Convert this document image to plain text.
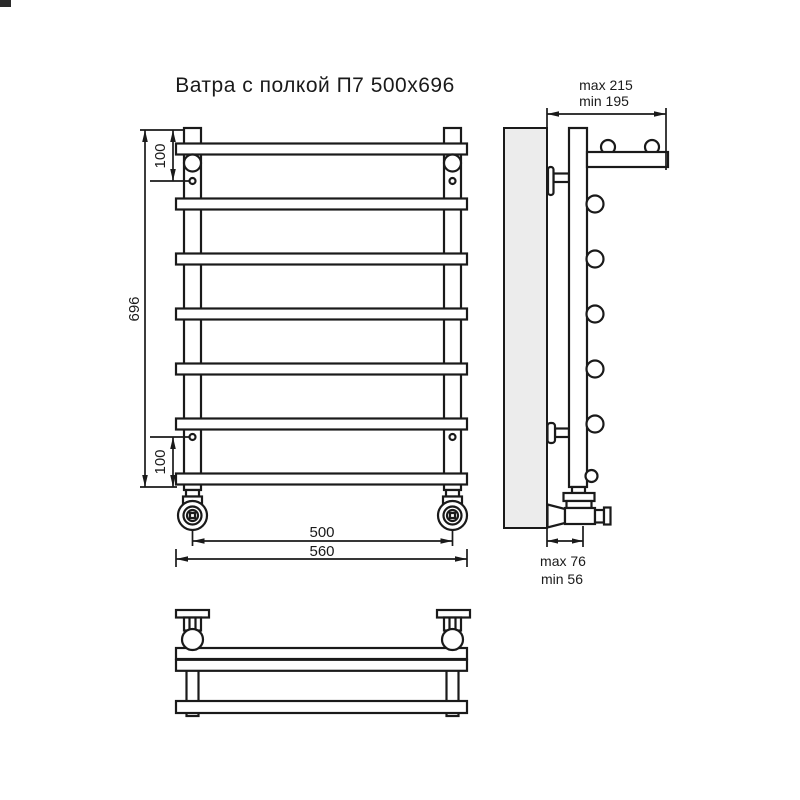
Ватра с полкой П7 500x696
696
100
100
500
560
max 215
min 195
max 76
min 56
